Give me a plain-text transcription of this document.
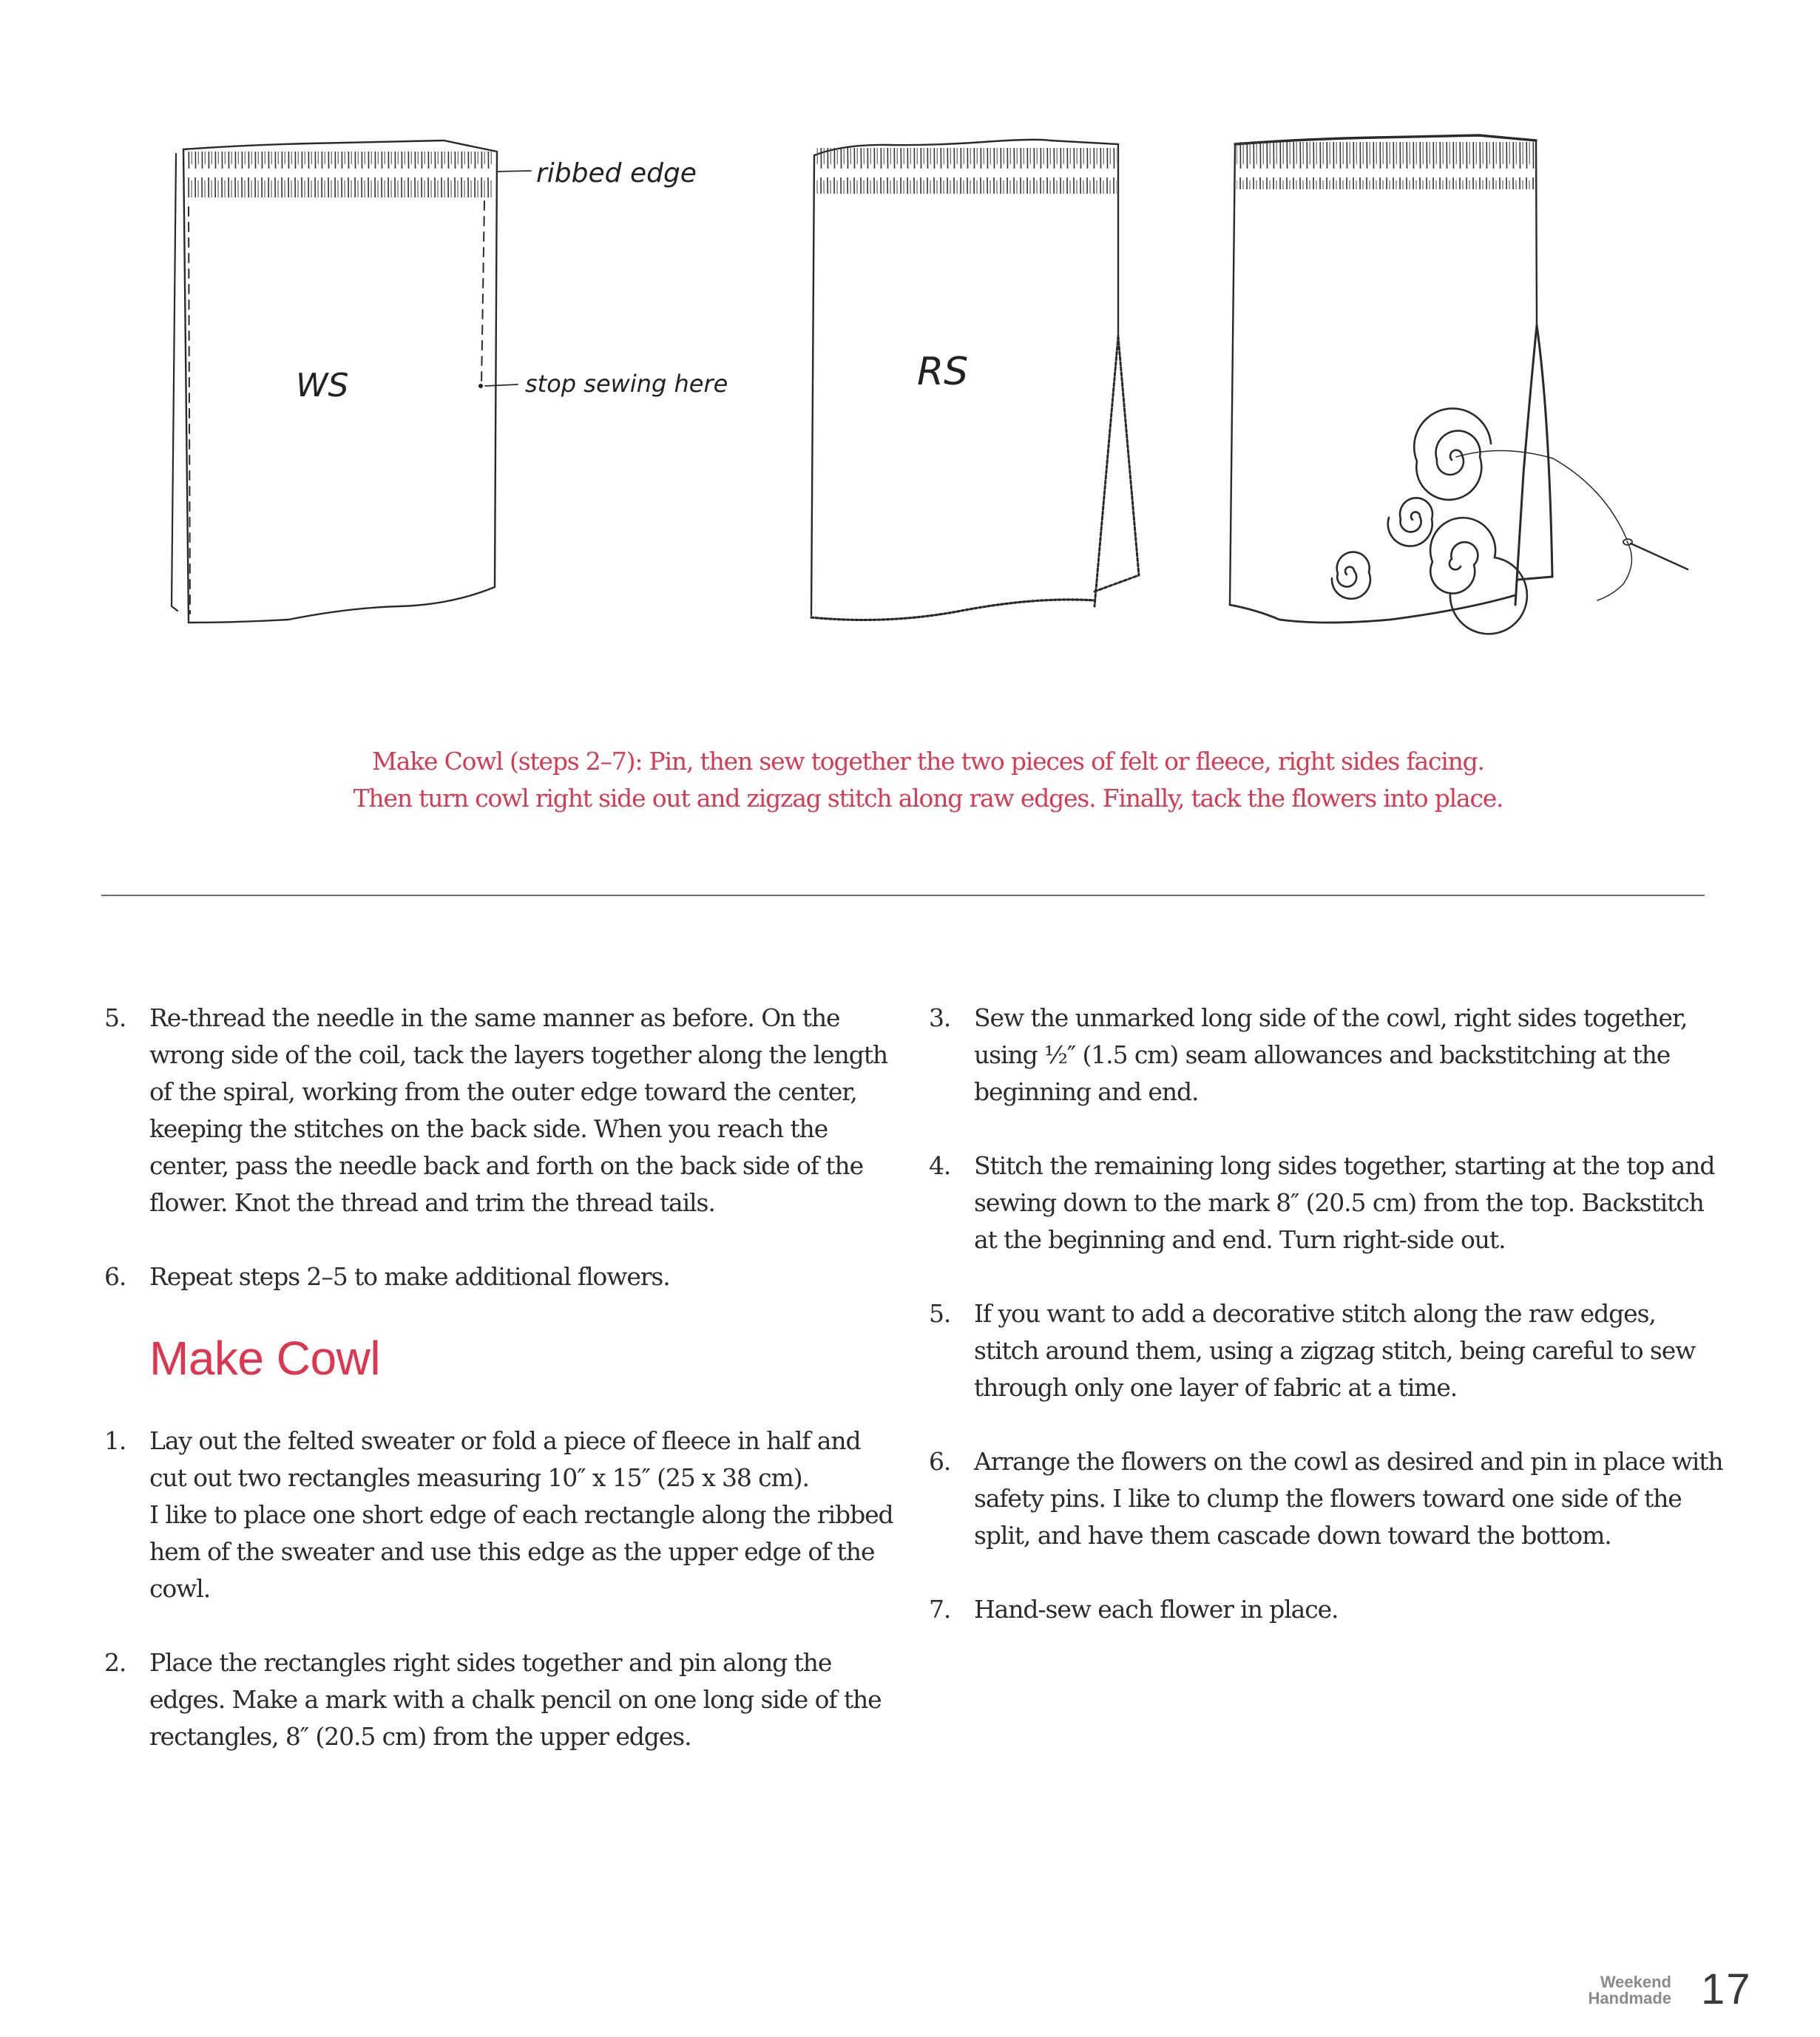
ribbed edge
stop sewing here
WS	RS
Make Cowl (steps 2–7): Pin, then sew together the two pieces of felt or fleece, right sides facing.
Then turn cowl right side out and zigzag stitch along raw edges. Finally, tack the flowers into place.
5. Re-thread the needle in the same manner as before. On the wrong side of the coil, tack the layers together along the length of the spiral, working from the outer edge toward the center, keeping the stitches on the back side. When you reach the center, pass the needle back and forth on the back side of the flower. Knot the thread and trim the thread tails.
6. Repeat steps 2–5 to make additional flowers.
Make Cowl
1. Lay out the felted sweater or fold a piece of fleece in half and cut out two rectangles measuring 10″ x 15″ (25 x 38 cm).
I like to place one short edge of each rectangle along the ribbed hem of the sweater and use this edge as the upper edge of the cowl.
2. Place the rectangles right sides together and pin along the edges. Make a mark with a chalk pencil on one long side of the rectangles, 8″ (20.5 cm) from the upper edges.
3. Sew the unmarked long side of the cowl, right sides together, using ½″ (1.5 cm) seam allowances and backstitching at the beginning and end.
4. Stitch the remaining long sides together, starting at the top and sewing down to the mark 8″ (20.5 cm) from the top. Backstitch at the beginning and end. Turn right-side out.
5. If you want to add a decorative stitch along the raw edges, stitch around them, using a zigzag stitch, being careful to sew through only one layer of fabric at a time.
6. Arrange the flowers on the cowl as desired and pin in place with safety pins. I like to clump the flowers toward one side of the split, and have them cascade down toward the bottom.
7. Hand-sew each flower in place.
Weekend
Handmade 17
